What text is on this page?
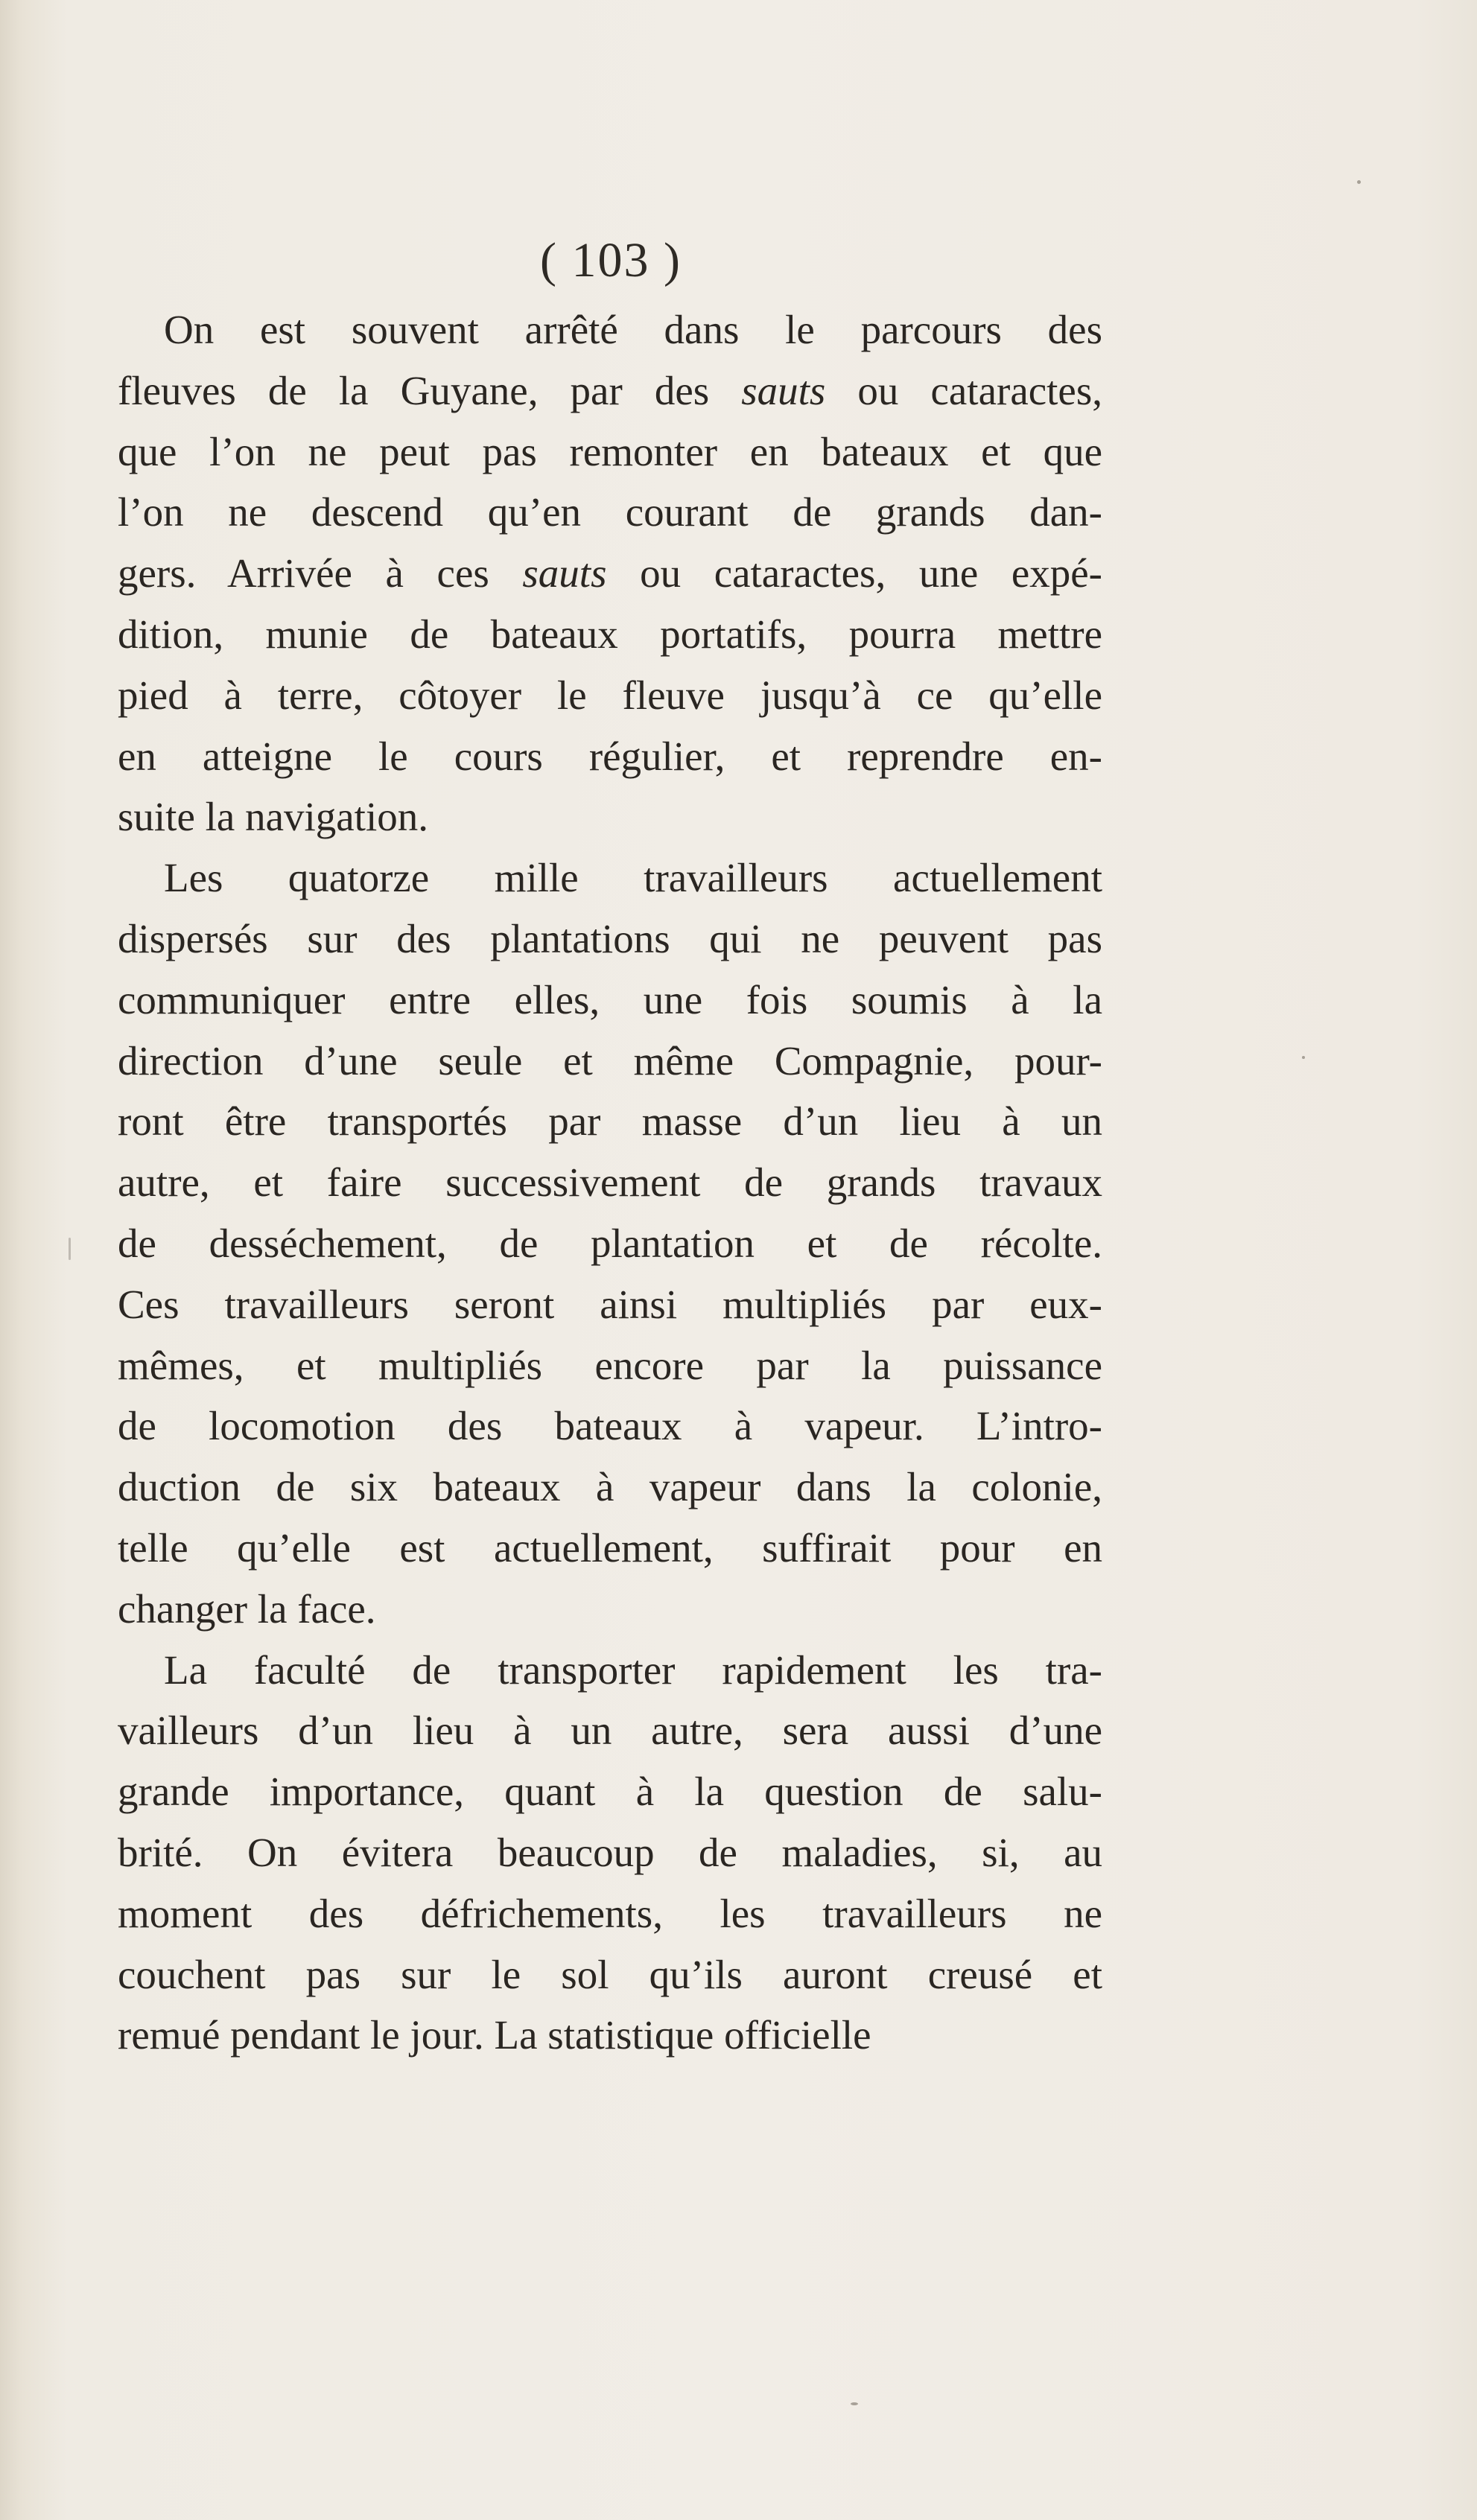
( 103 )

On est souvent arrêté dans le parcours des
fleuves de la Guyane, par des sauts ou cataractes,
que l’on ne peut pas remonter en bateaux et que
l’on ne descend qu’en courant de grands dan-
gers. Arrivée à ces sauts ou cataractes, une expé-
dition, munie de bateaux portatifs, pourra mettre
pied à terre, côtoyer le fleuve jusqu’à ce qu’elle
en atteigne le cours régulier, et reprendre en-
suite la navigation.

Les quatorze mille travailleurs actuellement
dispersés sur des plantations qui ne peuvent pas
communiquer entre elles, une fois soumis à la
direction d’une seule et même Compagnie, pour-
ront être transportés par masse d’un lieu à un
autre, et faire successivement de grands travaux
de desséchement, de plantation et de récolte.
Ces travailleurs seront ainsi multipliés par eux-
mêmes, et multipliés encore par la puissance
de locomotion des bateaux à vapeur. L’intro-
duction de six bateaux à vapeur dans la colonie,
telle qu’elle est actuellement, suffirait pour en
changer la face.

La faculté de transporter rapidement les tra-
vailleurs d’un lieu à un autre, sera aussi d’une
grande importance, quant à la question de salu-
brité. On évitera beaucoup de maladies, si, au
moment des défrichements, les travailleurs ne
couchent pas sur le sol qu’ils auront creusé et
remué pendant le jour. La statistique officielle
